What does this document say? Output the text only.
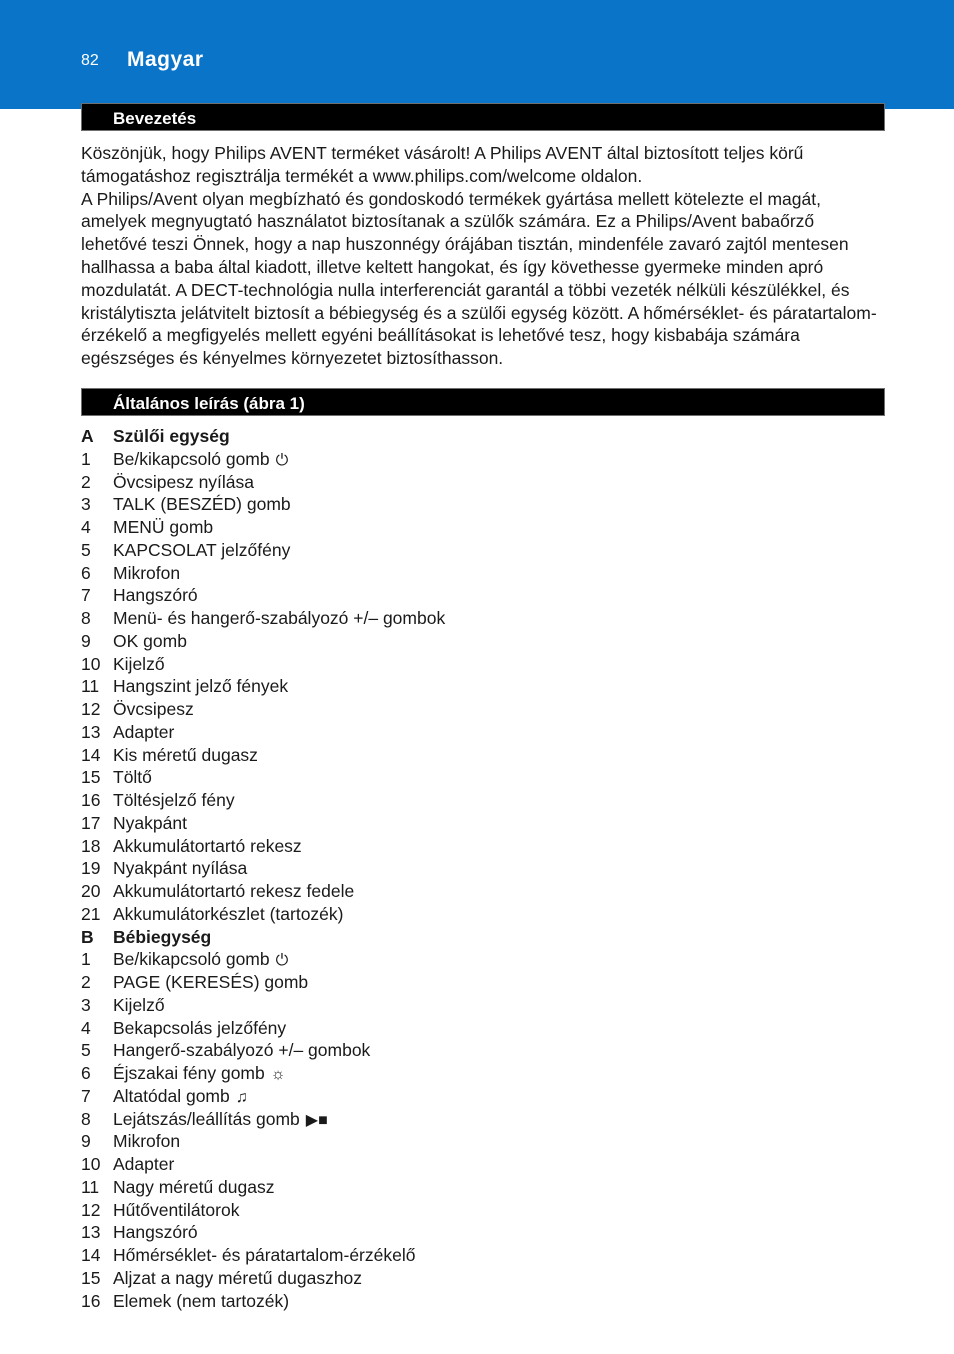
82 Magyar
Bevezetés

Köszönjük, hogy Philips AVENT terméket vásárolt! A Philips AVENT által biztosított teljes körű támogatáshoz regisztrálja termékét a www.philips.com/welcome oldalon.

A Philips/Avent olyan megbízható és gondoskodó termékek gyártása mellett kötelezte el magát, amelyek megnyugtató használatot biztosítanak a szülők számára. Ez a Philips/Avent babaőrző lehetővé teszi Önnek, hogy a nap huszonnégy órájában tisztán, mindenféle zavaró zajtól mentesen hallhassa a baba által kiadott, illetve keltett hangokat, és így követhesse gyermeke minden apró mozdulatát. A DECT-technológia nulla interferenciát garantál a többi vezeték nélküli készülékkel, és kristálytiszta jelátvitelt biztosít a bébiegység és a szülői egység között. A hőmérséklet- és páratartalom-érzékelő a megfigyelés mellett egyéni beállításokat is lehetővé tesz, hogy kisbabája számára egészséges és kényelmes környezetet biztosíthasson.

Általános leírás (ábra 1)
A	Szülői egység
1	Be/kikapcsoló gomb ⏻
2	Övcsipesz nyílása
3	TALK (BESZÉD) gomb
4	MENÜ gomb
5	KAPCSOLAT jelzőfény
6	Mikrofon
7	Hangszóró
8	Menü- és hangerő-szabályozó +/– gombok
9	OK gomb
10 Kijelző
11 Hangszint jelző fények
12 Övcsipesz
13 Adapter
14 Kis méretű dugasz
15 Töltő
16 Töltésjelző fény
17 Nyakpánt
18 Akkumulátortartó rekesz
19 Nyakpánt nyílása
20 Akkumulátortartó rekesz fedele
21 Akkumulátorkészlet (tartozék)
B	Bébiegység
1	Be/kikapcsoló gomb ⏻
2	PAGE (KERESÉS) gomb
3	Kijelző
4	Bekapcsolás jelzőfény
5	Hangerő-szabályozó +/– gombok
6	Éjszakai fény gomb ☼
7	Altatódal gomb ♫
8	Lejátszás/leállítás gomb ▶■
9	Mikrofon
10 Adapter
11 Nagy méretű dugasz
12 Hűtőventilátorok
13 Hangszóró
14 Hőmérséklet- és páratartalom-érzékelő
15 Aljzat a nagy méretű dugaszhoz
16 Elemek (nem tartozék)
